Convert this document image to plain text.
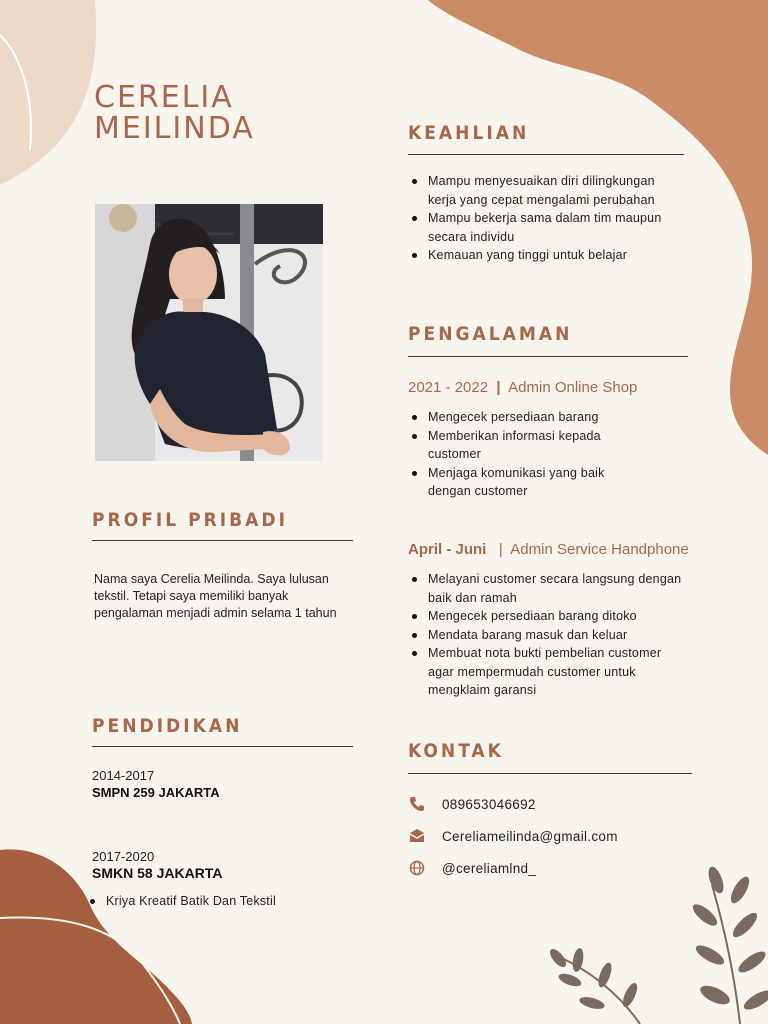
CERELIA
MEILINDA	KEAHLIAN
Mampu menyesuaikan diri dilingkungan kerja yang cepat mengalami perubahan
Mampu bekerja sama dalam tim maupun secara individu
Kemauan yang tinggi untuk belajar
PENGALAMAN
2021 - 2022 | Admin Online Shop
Mengecek persediaan barang
Memberikan informasi kepada customer
Menjaga komunikasi yang baik dengan customer
April - Juni | Admin Service Handphone
Melayani customer secara langsung dengan baik dan ramah
Mengecek persediaan barang ditoko
Mendata barang masuk dan keluar
Membuat nota bukti pembelian customer agar mempermudah customer untuk mengklaim garansi
PROFIL PRIBADI
Nama saya Cerelia Meilinda. Saya lulusan tekstil. Tetapi saya memiliki banyak pengalaman menjadi admin selama 1 tahun
PENDIDIKAN
2014-2017
SMPN 259 JAKARTA
2017-2020
SMKN 58 JAKARTA
Kriya Kreatif Batik Dan Tekstil
KONTAK
089653046692
Cereliameilinda@gmail.com
@cereliamlnd_
